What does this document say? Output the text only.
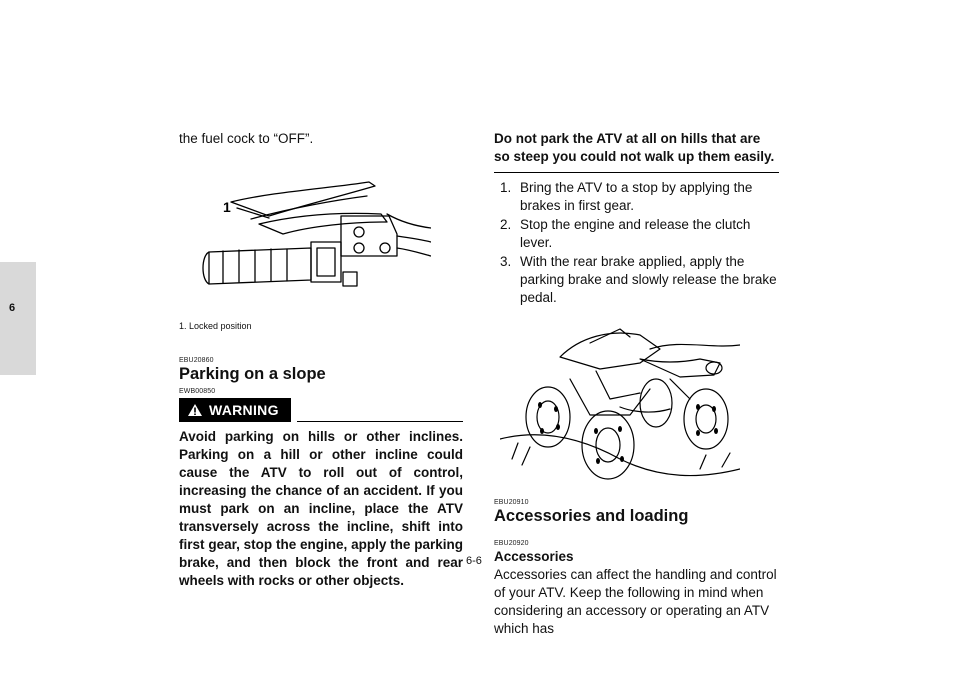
6

the fuel cock to “OFF”.

1
1. Locked position
EBU20860
Parking on a slope
EWB00850
WARNING
Avoid parking on hills or other inclines. Parking on a hill or other incline could cause the ATV to roll out of control, increasing the chance of an accident. If you must park on an incline, place the ATV transversely across the incline, shift into first gear, stop the engine, apply the parking brake, and then block the front and rear wheels with rocks or other objects.

Do not park the ATV at all on hills that are so steep you could not walk up them easily.

1. Bring the ATV to a stop by applying the brakes in first gear.
2. Stop the engine and release the clutch lever.
3. With the rear brake applied, apply the parking brake and slowly release the brake pedal.
EBU20910
Accessories and loading
EBU20920
Accessories

Accessories can affect the handling and control of your ATV. Keep the following in mind when considering an accessory or operating an ATV which has

6-6
